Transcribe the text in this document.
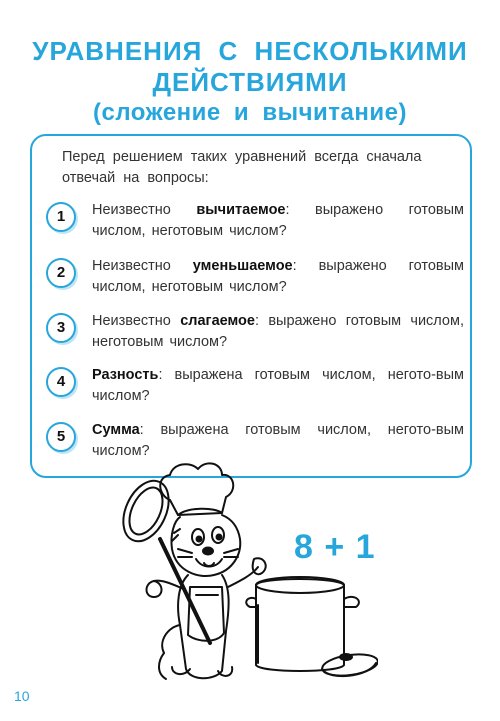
УРАВНЕНИЯ С НЕСКОЛЬКИМИ
ДЕЙСТВИЯМИ
(сложение и вычитание)
Перед решением таких уравнений всегда сначала отвечай на вопросы:
1	Неизвестно вычитаемое: выражено готовым числом, неготовым числом?
2	Неизвестно уменьшаемое: выражено готовым числом, неготовым числом?
3	Неизвестно слагаемое: выражено готовым числом, неготовым числом?
4	Разность: выражена готовым числом, негото-вым числом?
5	Сумма: выражена готовым числом, негото-вым числом?
8 + 1
10
